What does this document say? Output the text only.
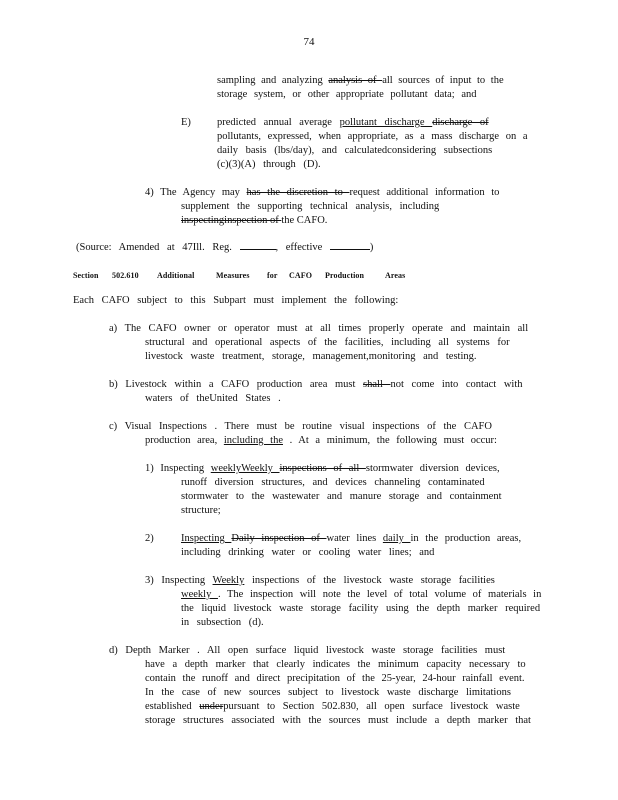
74
sampling and analyzing analysis of all sources of input to the
storage system, or other appropriate pollutant data; and
E) predicted annual average pollutant discharge discharge of
pollutants, expressed, when appropriate, as a mass discharge on a
daily basis (lbs/day), and calculatedconsidering subsections
(c)(3)(A) through (D).
4) The Agency may has the discretion to request additional information to
supplement the supporting technical analysis, including
inspectinginspection of the CAFO.
(Source: Amended at 47Ill. Reg.	, effective	)
Section 502.610 Additional	Measures for CAFO Production	Areas
Each CAFO subject to this Subpart must implement the following:
a) The CAFO owner or operator must at all times properly operate and maintain all
structural and operational aspects of the facilities, including all systems for
livestock waste treatment, storage, management,monitoring and testing.
b) Livestock within a CAFO production area must shall not come into contact with
waters of theUnited States .
c) Visual Inspections . There must be routine visual inspections of the CAFO
production area, including the . At a minimum, the following must occur:
1) Inspecting weeklyWeekly inspections of all stormwater diversion devices,
runoff diversion structures, and devices channeling contaminated
stormwater to the wastewater and manure storage and containment
structure;
2)	Inspecting Daily inspection of water lines daily in the production areas,
including drinking water or cooling water lines; and
3) Inspecting Weekly inspections of the livestock waste storage facilities
weekly . The inspection will note the level of total volume of materials in
the liquid livestock waste storage facility using the depth marker required
in subsection (d).
d) Depth Marker . All open surface liquid livestock waste storage facilities must
have a depth marker that clearly indicates the minimum capacity necessary to
contain the runoff and direct precipitation of the 25-year, 24-hour rainfall event.
In the case of new sources subject to livestock waste discharge limitations
established underpursuant to Section 502.830, all open surface livestock waste
storage structures associated with the sources must include a depth marker that
